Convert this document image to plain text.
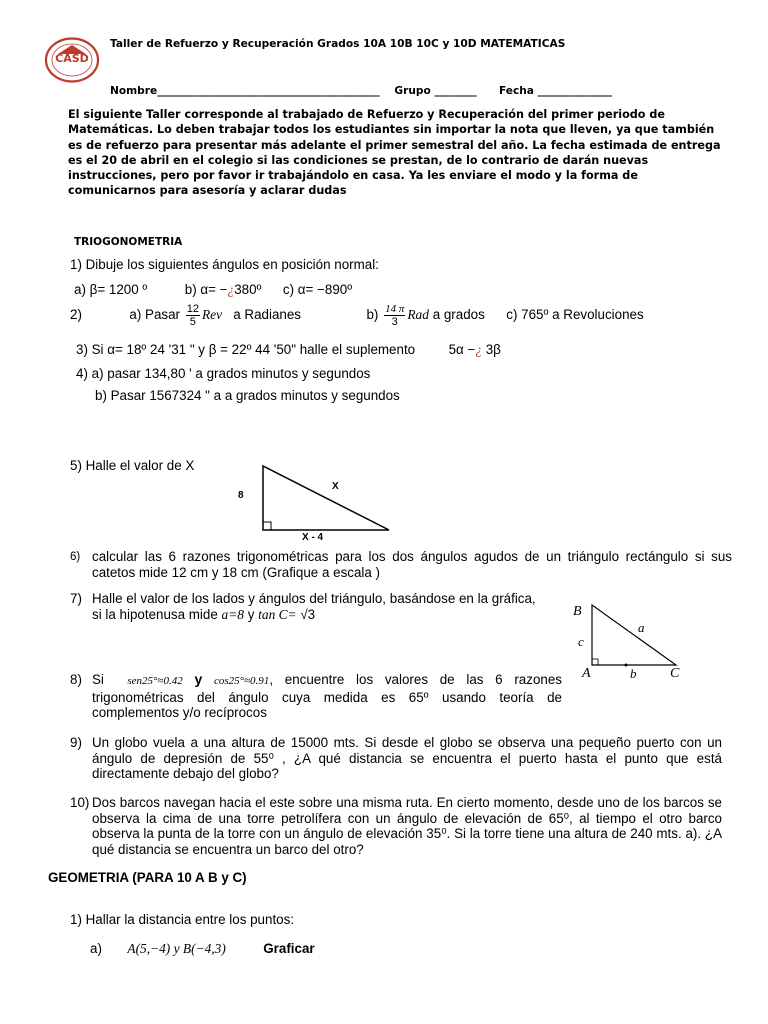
CASD
Taller de Refuerzo y Recuperación Grados 10A 10B 10C y 10D MATEMATICAS
Nombre__________________________________________ Grupo ________ Fecha ______________
El siguiente Taller corresponde al trabajado de Refuerzo y Recuperación del primer periodo de Matemáticas. Lo deben trabajar todos los estudiantes sin importar la nota que lleven, ya que también es de refuerzo para presentar más adelante el primer semestral del año. La fecha estimada de entrega es el 20 de abril en el colegio si las condiciones se prestan, de lo contrario de darán nuevas instrucciones, pero por favor ir trabajándolo en casa. Ya les enviare el modo y la forma de comunicarnos para asesoría y aclarar dudas
TRIOGONOMETRIA
1) Dibuje los siguientes ángulos en posición normal:
a) β= 1200 º	b) α= −¿380º c) α= −890º
2)	a) Pasar $\frac{12}{5}$ Rev a Radianes	$b) \frac{14 \pi}{3}$ Rad a grados c) 765º a Revoluciones
3) Si α= 18º 24 '31 " y β = 22º 44 '50" halle el suplemento 5α −¿ 3β
4) a) pasar 134,80 ' a grados minutos y segundos
b) Pasar 1567324 " a a grados minutos y segundos
5) Halle el valor de X
8
X
X - 4
6) calcular las 6 razones trigonométricas para los dos ángulos agudos de un triángulo rectángulo si sus catetos mide 12 cm y 18 cm (Grafique a escala )
7) Halle el valor de los lados y ángulos del triángulo, basándose en la gráfica, si la hipotenusa mide a=8 y tan C= √3	B
A	C
a
b
c
8) Si sen25°≈0.42 y cos25°≈0.91, encuentre los valores de las 6 razones trigonométricas del ángulo cuya medida es 65º usando teoría de complementos y/o recíprocos
9) Un globo vuela a una altura de 15000 mts. Si desde el globo se observa una pequeño puerto con un ángulo de depresión de 55⁰ , ¿A qué distancia se encuentra el puerto hasta el punto que está directamente debajo del globo?
10) Dos barcos navegan hacia el este sobre una misma ruta. En cierto momento, desde uno de los barcos se observa la cima de una torre petrolífera con un ángulo de elevación de 65⁰, al tiempo el otro barco observa la punta de la torre con un ángulo de elevación 35⁰. Si la torre tiene una altura de 240 mts. a). ¿A qué distancia se encuentra un barco del otro?
GEOMETRIA (PARA 10 A B y C)
1) Hallar la distancia entre los puntos:
a) A(5,−4) y B(−4,3)	Graficar
